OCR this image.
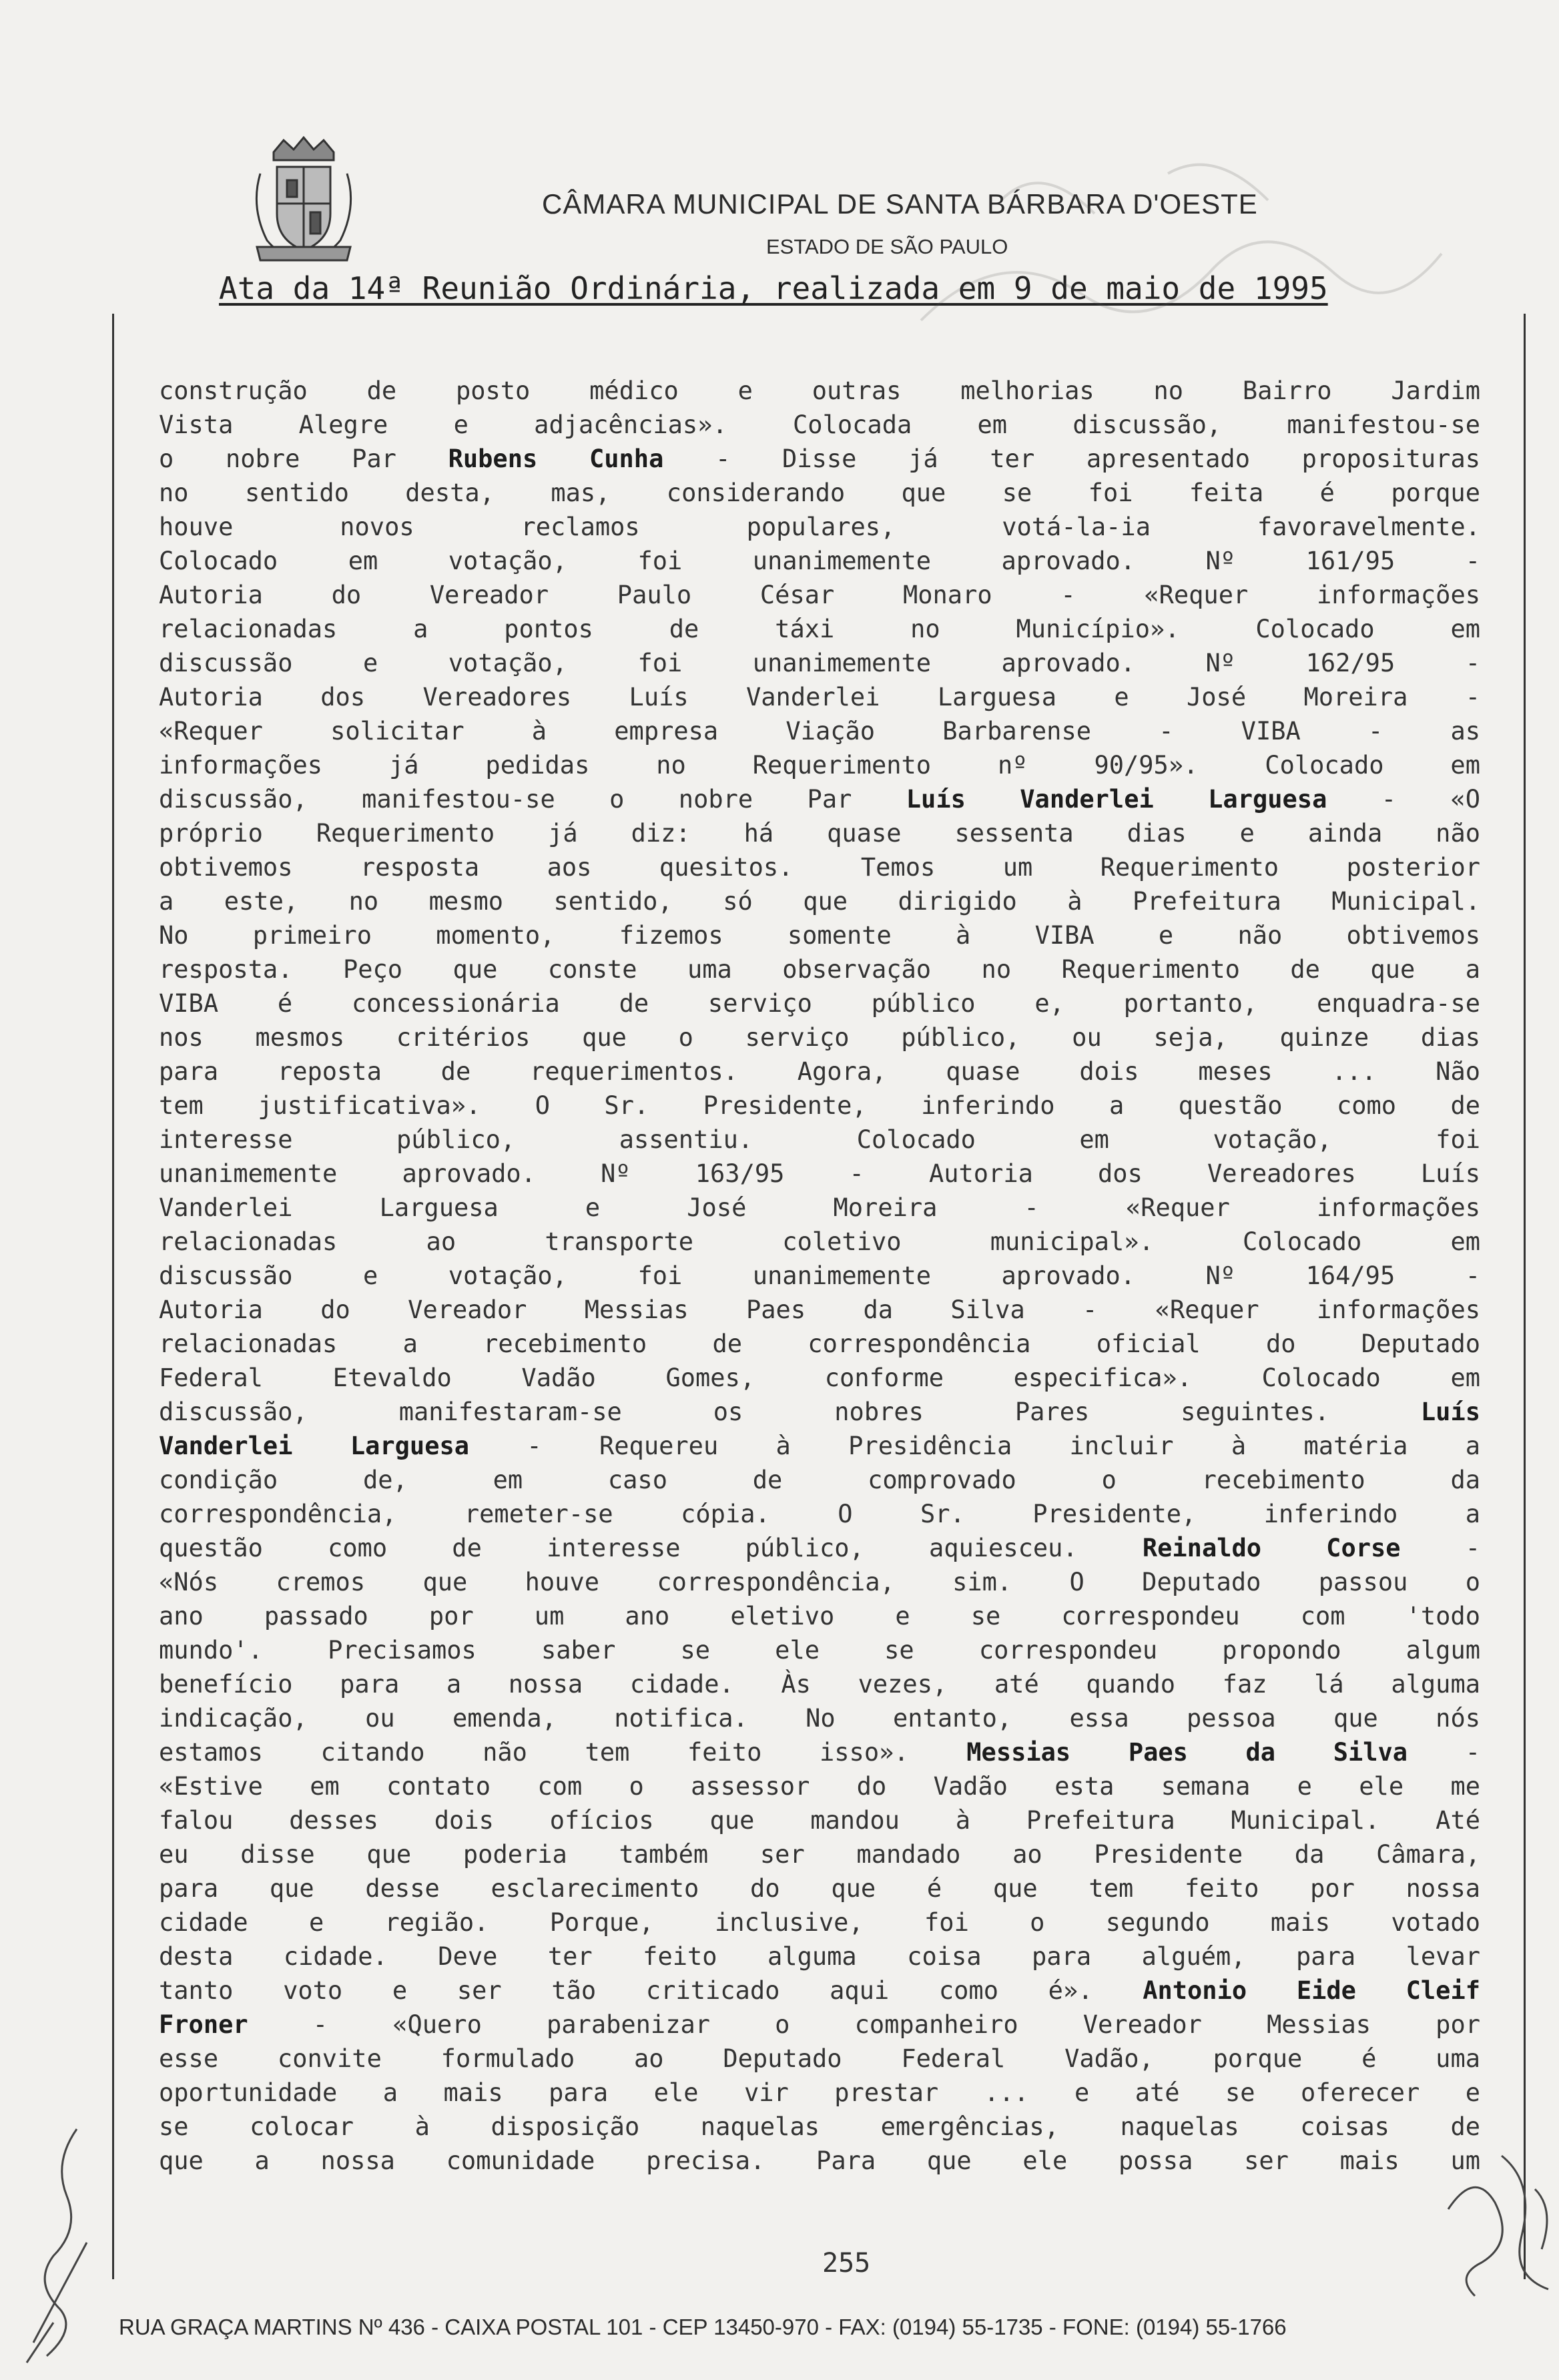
CÂMARA MUNICIPAL DE SANTA BÁRBARA D'OESTE
ESTADO DE SÃO PAULO
Ata da 14ª Reunião Ordinária, realizada em 9 de maio de 1995
construção de posto médico e outras melhorias no Bairro Jardim
Vista Alegre e adjacências». Colocada em discussão, manifestou-se
o nobre Par Rubens Cunha - Disse já ter apresentado proposituras
no sentido desta, mas, considerando que se foi feita é porque
houve novos reclamos populares, votá-la-ia favoravelmente.
Colocado em votação, foi unanimemente aprovado. Nº 161/95 -
Autoria do Vereador Paulo César Monaro - «Requer informações
relacionadas a pontos de táxi no Município». Colocado em
discussão e votação, foi unanimemente aprovado. Nº 162/95 -
Autoria dos Vereadores Luís Vanderlei Larguesa e José Moreira -
«Requer solicitar à empresa Viação Barbarense - VIBA - as
informações já pedidas no Requerimento nº 90/95». Colocado em
discussão, manifestou-se o nobre Par Luís Vanderlei Larguesa - «O
próprio Requerimento já diz: há quase sessenta dias e ainda não
obtivemos resposta aos quesitos. Temos um Requerimento posterior
a este, no mesmo sentido, só que dirigido à Prefeitura Municipal.
No primeiro momento, fizemos somente à VIBA e não obtivemos
resposta. Peço que conste uma observação no Requerimento de que a
VIBA é concessionária de serviço público e, portanto, enquadra-se
nos mesmos critérios que o serviço público, ou seja, quinze dias
para reposta de requerimentos. Agora, quase dois meses ... Não
tem justificativa». O Sr. Presidente, inferindo a questão como de
interesse público, assentiu. Colocado em votação, foi
unanimemente aprovado. Nº 163/95 - Autoria dos Vereadores Luís
Vanderlei Larguesa e José Moreira - «Requer informações
relacionadas ao transporte coletivo municipal». Colocado em
discussão e votação, foi unanimemente aprovado. Nº 164/95 -
Autoria do Vereador Messias Paes da Silva - «Requer informações
relacionadas a recebimento de correspondência oficial do Deputado
Federal Etevaldo Vadão Gomes, conforme especifica». Colocado em
discussão, manifestaram-se os nobres Pares seguintes. Luís
Vanderlei Larguesa - Requereu à Presidência incluir à matéria a
condição de, em caso de comprovado o recebimento da
correspondência, remeter-se cópia. O Sr. Presidente, inferindo a
questão como de interesse público, aquiesceu. Reinaldo Corse -
«Nós cremos que houve correspondência, sim. O Deputado passou o
ano passado por um ano eletivo e se correspondeu com 'todo
mundo'. Precisamos saber se ele se correspondeu propondo algum
benefício para a nossa cidade. Às vezes, até quando faz lá alguma
indicação, ou emenda, notifica. No entanto, essa pessoa que nós
estamos citando não tem feito isso». Messias Paes da Silva -
«Estive em contato com o assessor do Vadão esta semana e ele me
falou desses dois ofícios que mandou à Prefeitura Municipal. Até
eu disse que poderia também ser mandado ao Presidente da Câmara,
para que desse esclarecimento do que é que tem feito por nossa
cidade e região. Porque, inclusive, foi o segundo mais votado
desta cidade. Deve ter feito alguma coisa para alguém, para levar
tanto voto e ser tão criticado aqui como é». Antonio Eide Cleif
Froner - «Quero parabenizar o companheiro Vereador Messias por
esse convite formulado ao Deputado Federal Vadão, porque é uma
oportunidade a mais para ele vir prestar ... e até se oferecer e
se colocar à disposição naquelas emergências, naquelas coisas de
que a nossa comunidade precisa. Para que ele possa ser mais um
255
RUA GRAÇA MARTINS Nº 436 - CAIXA POSTAL 101 - CEP 13450-970 - FAX: (0194) 55-1735 - FONE: (0194) 55-1766
